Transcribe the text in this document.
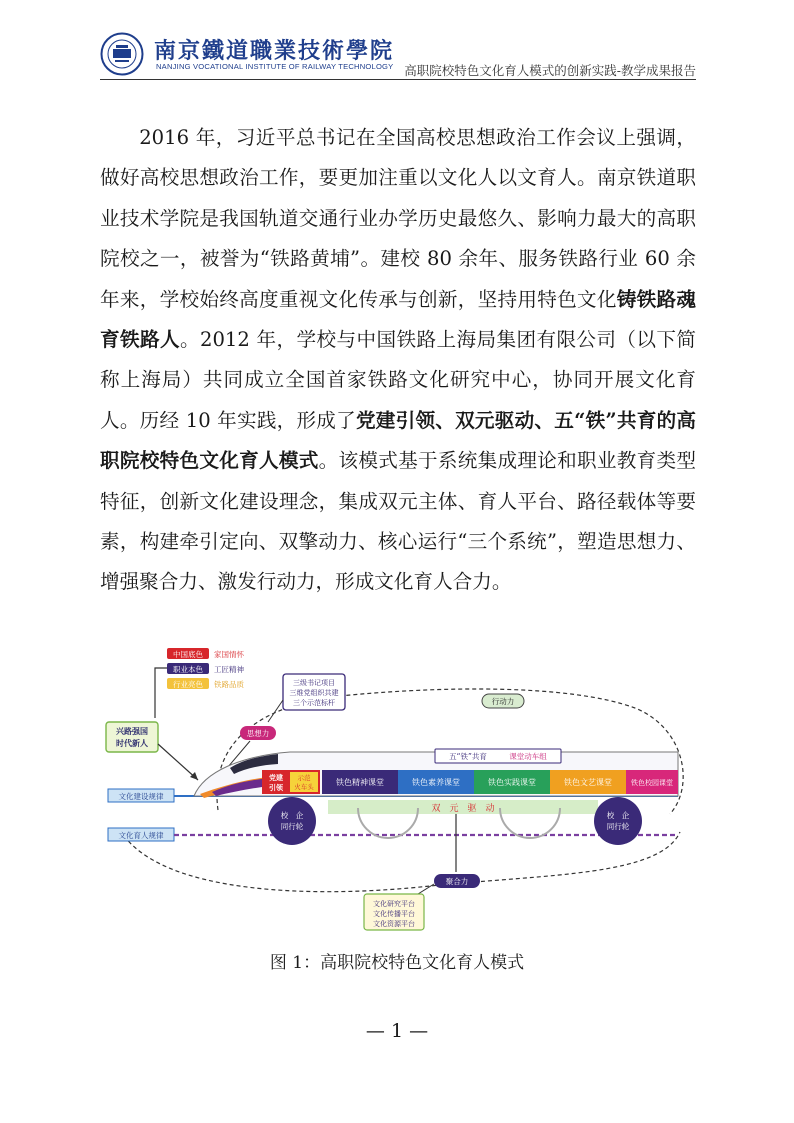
南京鐵道職業技術學院
NANJING VOCATIONAL INSTITUTE OF RAILWAY TECHNOLOGY 高职院校特色文化育人模式的创新实践-教学成果报告

2016 年，习近平总书记在全国高校思想政治工作会议上强调，做好高校思想政治工作，要更加注重以文化人以文育人。南京铁道职业技术学院是我国轨道交通行业办学历史最悠久、影响力最大的高职院校之一，被誉为“铁路黄埔”。建校 80 余年、服务铁路行业 60 余年来，学校始终高度重视文化传承与创新，坚持用特色文化铸铁路魂育铁路人。2012 年，学校与中国铁路上海局集团有限公司（以下简称上海局）共同成立全国首家铁路文化研究中心，协同开展文化育人。历经 10 年实践，形成了党建引领、双元驱动、五“铁”共育的高职院校特色文化育人模式。该模式基于系统集成理论和职业教育类型特征，创新文化建设理念，集成双元主体、育人平台、路径载体等要素，构建牵引定向、双擎动力、核心运行“三个系统”，塑造思想力、增强聚合力、激发行动力，形成文化育人合力。

中国底色 家国情怀
职业本色 工匠精神
行业亮色 铁路品质
兴路强国
时代新人
文化建设规律
文化育人规律
三级书记项目
三维党组织共建
三个示范标杆
思想力
行动力
五“铁”共育	课堂动车组
党建
引领
示范
火车头	铁色精神课堂	铁色素养课堂	铁色实践课堂	铁色文艺课堂	铁色校园课堂
双　元　驱　动
校　企
同行轮
校　企
同行轮
聚合力
文化研究平台
文化传播平台
文化资源平台
图 1：高职院校特色文化育人模式
— 1 —
